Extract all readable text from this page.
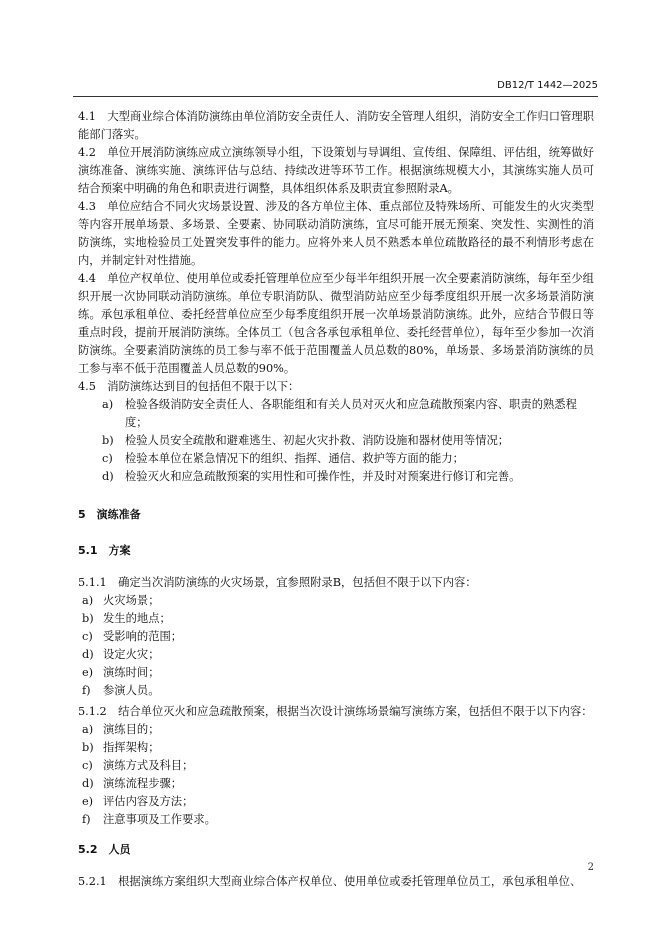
DB12/T 1442—2025

4.1　 大型商业综合体消防演练由单位消防安全责任人、消防安全管理人组织，消防安全工作归口管理职能部门落实。

4.2　 单位开展消防演练应成立演练领导小组，下设策划与导调组、宣传组、保障组、评估组，统筹做好演练准备、演练实施、演练评估与总结、持续改进等环节工作。根据演练规模大小，其演练实施人员可结合预案中明确的角色和职责进行调整，具体组织体系及职责宜参照附录A。

4.3　 单位应结合不同火灾场景设置、涉及的各方单位主体、重点部位及特殊场所、可能发生的火灾类型等内容开展单场景、多场景、全要素、协同联动消防演练，宜尽可能开展无预案、突发性、实测性的消防演练，实地检验员工处置突发事件的能力。应将外来人员不熟悉本单位疏散路径的最不利情形考虑在内，并制定针对性措施。

4.4　 单位产权单位、使用单位或委托管理单位应至少每半年组织开展一次全要素消防演练，每年至少组织开展一次协同联动消防演练。单位专职消防队、微型消防站应至少每季度组织开展一次多场景消防演练。承包承租单位、委托经营单位应至少每季度组织开展一次单场景消防演练。此外，应结合节假日等重点时段，提前开展消防演练。全体员工（包含各承包承租单位、委托经营单位），每年至少参加一次消防演练。全要素消防演练的员工参与率不低于范围覆盖人员总数的80%，单场景、多场景消防演练的员工参与率不低于范围覆盖人员总数的90%。

4.5　 消防演练达到目的包括但不限于以下：

a) 检验各级消防安全责任人、各职能组和有关人员对灭火和应急疏散预案内容、职责的熟悉程度；

b) 检验人员安全疏散和避难逃生、初起火灾扑救、消防设施和器材使用等情况；

c) 检验本单位在紧急情况下的组织、指挥、通信、救护等方面的能力；

d) 检验灭火和应急疏散预案的实用性和可操作性，并及时对预案进行修订和完善。

5　演练准备
5.1　方案

5.1.1　 确定当次消防演练的火灾场景，宜参照附录B，包括但不限于以下内容：

a) 火灾场景；

b) 发生的地点；

c) 受影响的范围；

d) 设定火灾；

e) 演练时间；

f) 参演人员。

5.1.2　 结合单位灭火和应急疏散预案，根据当次设计演练场景编写演练方案，包括但不限于以下内容：

a) 演练目的；

b) 指挥架构；

c) 演练方式及科目；

d) 演练流程步骤；

e) 评估内容及方法；

f) 注意事项及工作要求。

5.2　人员

5.2.1　 根据演练方案组织大型商业综合体产权单位、使用单位或委托管理单位员工，承包承租单位、

2
